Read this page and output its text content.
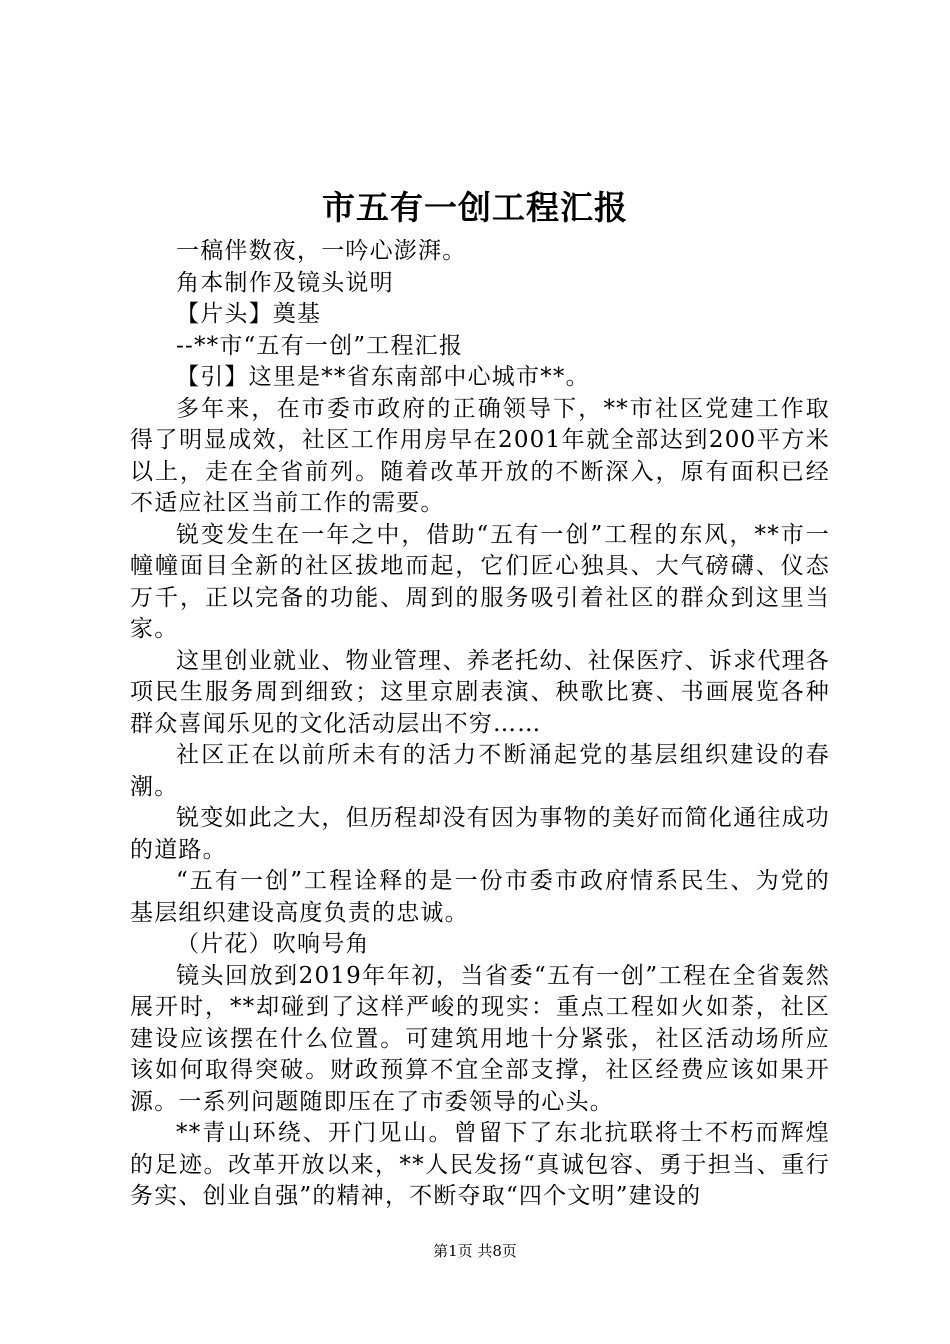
市五有一创工程汇报

一稿伴数夜，一吟心澎湃。

角本制作及镜头说明

【片头】奠基

--**市“五有一创”工程汇报

【引】这里是**省东南部中心城市**。

多年来，在市委市政府的正确领导下，**市社区党建工作取得了明显成效，社区工作用房早在2001年就全部达到200平方米以上，走在全省前列。随着改革开放的不断深入，原有面积已经不适应社区当前工作的需要。

锐变发生在一年之中，借助“五有一创”工程的东风，**市一幢幢面目全新的社区拔地而起，它们匠心独具、大气磅礴、仪态万千，正以完备的功能、周到的服务吸引着社区的群众到这里当家。

这里创业就业、物业管理、养老托幼、社保医疗、诉求代理各项民生服务周到细致；这里京剧表演、秧歌比赛、书画展览各种群众喜闻乐见的文化活动层出不穷……

社区正在以前所未有的活力不断涌起党的基层组织建设的春潮。

锐变如此之大，但历程却没有因为事物的美好而简化通往成功的道路。

“五有一创”工程诠释的是一份市委市政府情系民生、为党的基层组织建设高度负责的忠诚。

（片花）吹响号角

镜头回放到2019年年初，当省委“五有一创”工程在全省轰然展开时，**却碰到了这样严峻的现实：重点工程如火如荼，社区建设应该摆在什么位置。可建筑用地十分紧张，社区活动场所应该如何取得突破。财政预算不宜全部支撑，社区经费应该如果开源。一系列问题随即压在了市委领导的心头。

**青山环绕、开门见山。曾留下了东北抗联将士不朽而辉煌的足迹。改革开放以来，**人民发扬“真诚包容、勇于担当、重行务实、创业自强”的精神，不断夺取“四个文明”建设的

第1页 共8页
